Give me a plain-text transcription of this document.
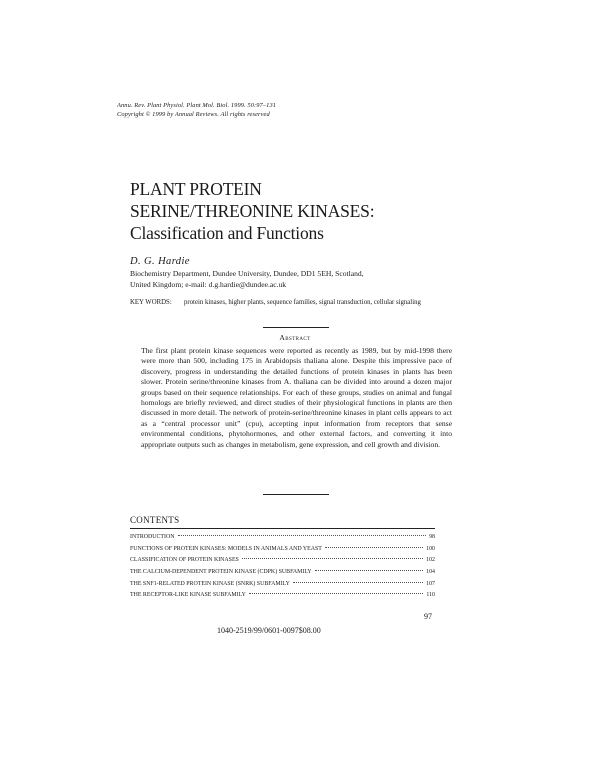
Annu. Rev. Plant Physiol. Plant Mol. Biol. 1999. 50:97–131
Copyright © 1999 by Annual Reviews. All rights reserved
PLANT PROTEIN
SERINE/THREONINE KINASES:
Classification and Functions
D. G. Hardie
Biochemistry Department, Dundee University, Dundee, DD1 5EH, Scotland,
United Kingdom; e-mail: d.g.hardie@dundee.ac.uk
KEY WORDS:	protein kinases, higher plants, sequence families, signal transduction, cellular signaling
Abstract
The first plant protein kinase sequences were reported as recently as 1989, but by mid-1998 there were more than 500, including 175 in Arabidopsis thaliana alone. Despite this impressive pace of discovery, progress in understanding the detailed functions of protein kinases in plants has been slower. Protein serine/threonine kinases from A. thaliana can be divided into around a dozen major groups based on their sequence relationships. For each of these groups, studies on animal and fungal homologs are briefly reviewed, and direct studies of their physiological functions in plants are then discussed in more detail. The network of protein-serine/threonine kinases in plant cells appears to act as a “central processor unit” (cpu), accepting input information from receptors that sense environmental conditions, phytohormones, and other external factors, and converting it into appropriate outputs such as changes in metabolism, gene expression, and cell growth and division.
CONTENTS
INTRODUCTION	98
FUNCTIONS OF PROTEIN KINASES: MODELS IN ANIMALS AND YEAST	100
CLASSIFICATION OF PROTEIN KINASES	102
THE CALCIUM-DEPENDENT PROTEIN KINASE (CDPK) SUBFAMILY	104
THE SNF1-RELATED PROTEIN KINASE (SNRK) SUBFAMILY	107
THE RECEPTOR-LIKE KINASE SUBFAMILY	110
97
1040-2519/99/0601-0097$08.00
